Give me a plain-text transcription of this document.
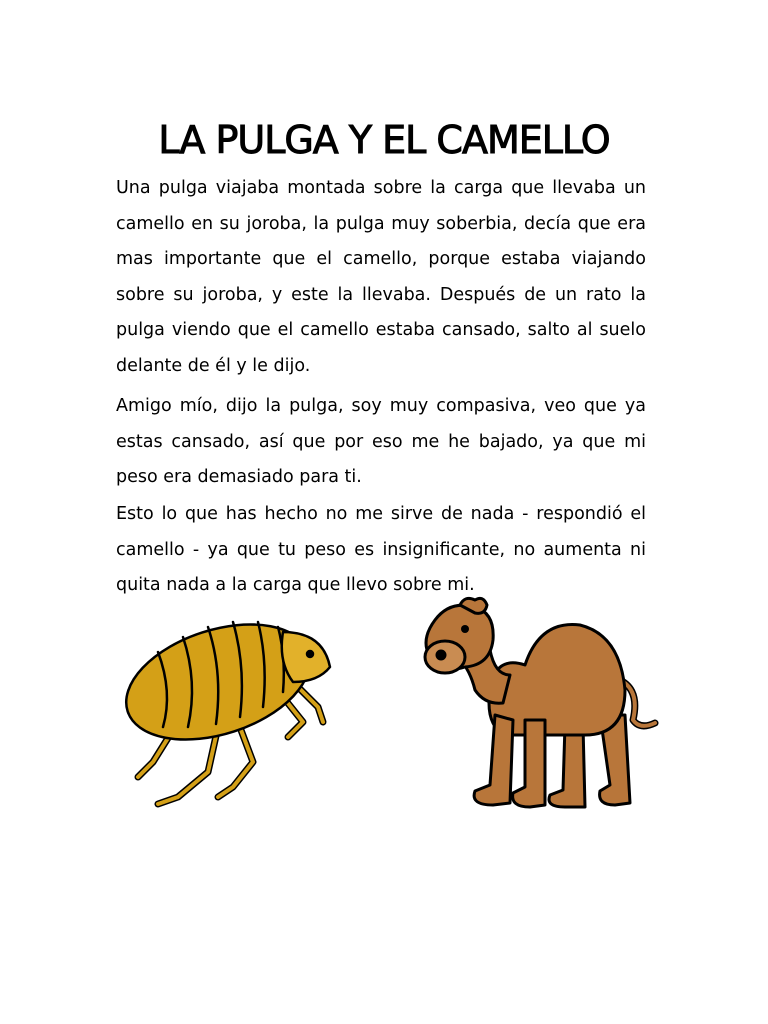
LA PULGA Y EL CAMELLO

Una pulga viajaba montada sobre la carga que llevaba un camello en su joroba, la pulga muy soberbia, decía que era mas importante que el camello, porque estaba viajando sobre su joroba, y este la llevaba. Después de un rato la pulga viendo que el camello estaba cansado, salto al suelo delante de él y le dijo.

Amigo mío, dijo la pulga, soy muy compasiva, veo que ya estas cansado, así que por eso me he bajado, ya que mi peso era demasiado para ti.

Esto lo que has hecho no me sirve de nada - respondió el camello - ya que tu peso es insignificante, no aumenta ni quita nada a la carga que llevo sobre mi.
